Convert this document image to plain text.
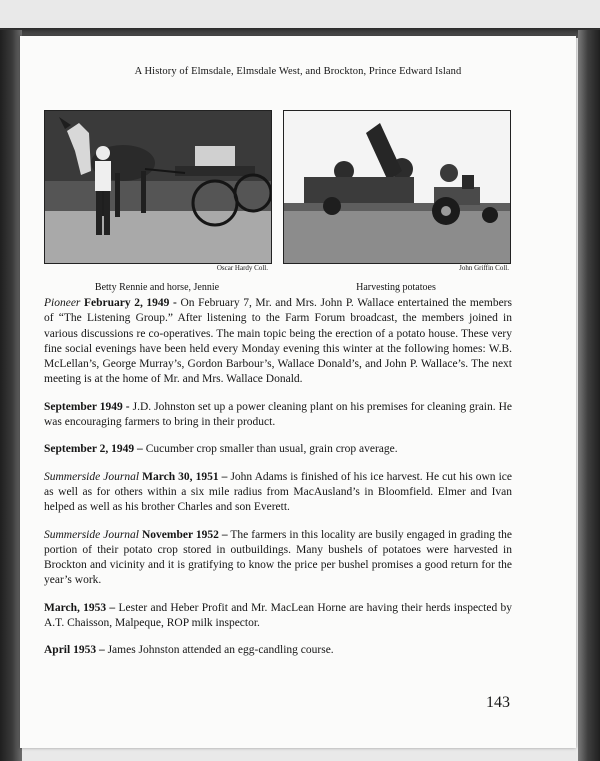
A History of Elmsdale, Elmsdale West, and Brockton, Prince Edward Island
Oscar Hardy Coll.	John Griffin Coll.
Betty Rennie and horse, Jennie	Harvesting potatoes

Pioneer February 2, 1949 - On February 7, Mr. and Mrs. John P. Wallace entertained the members of “The Listening Group.” After listening to the Farm Forum broadcast, the members joined in various discussions re co-operatives. The main topic being the erection of a potato house. These very fine social evenings have been held every Monday evening this winter at the following homes: W.B. McLellan’s, George Murray’s, Gordon Barbour’s, Wallace Donald’s, and John P. Wallace’s. The next meeting is at the home of Mr. and Mrs. Wallace Donald.

September 1949 - J.D. Johnston set up a power cleaning plant on his premises for cleaning grain. He was encouraging farmers to bring in their product.

September 2, 1949 – Cucumber crop smaller than usual, grain crop average.

Summerside Journal March 30, 1951 – John Adams is finished of his ice harvest. He cut his own ice as well as for others within a six mile radius from MacAusland’s in Bloomfield. Elmer and Ivan helped as well as his brother Charles and son Everett.

Summerside Journal November 1952 – The farmers in this locality are busily engaged in grading the portion of their potato crop stored in outbuildings. Many bushels of potatoes were harvested in Brockton and vicinity and it is gratifying to know the price per bushel promises a good return for the year’s work.

March, 1953 – Lester and Heber Profit and Mr. MacLean Horne are having their herds inspected by A.T. Chaisson, Malpeque, ROP milk inspector.

April 1953 – James Johnston attended an egg-candling course.

143
